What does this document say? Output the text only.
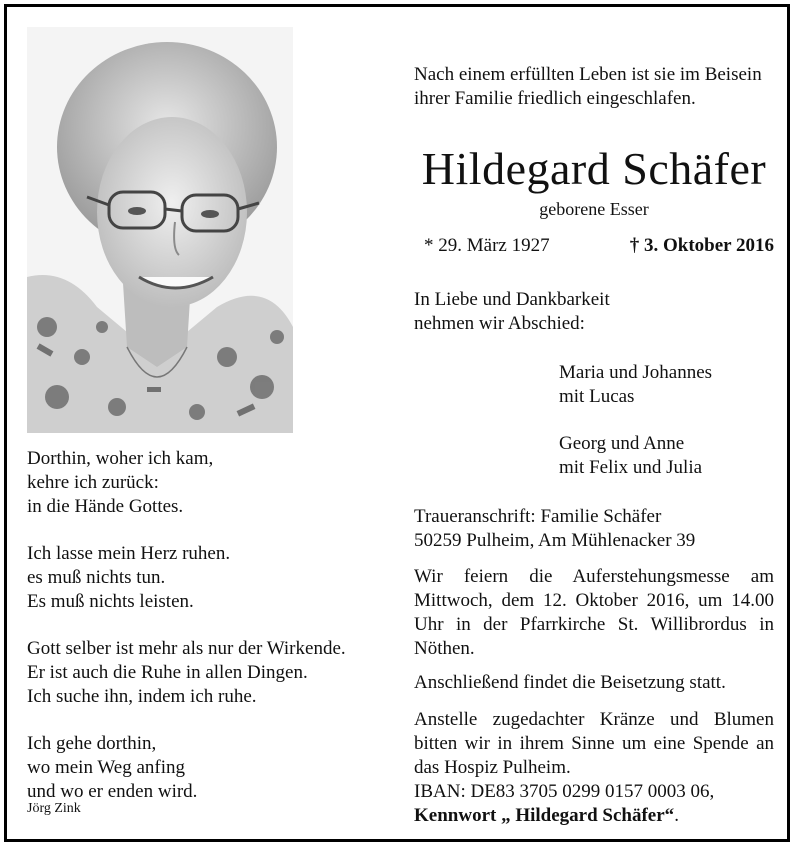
Dorthin, woher ich kam,
kehre ich zurück:
in die Hände Gottes.
Ich lasse mein Herz ruhen.
es muß nichts tun.
Es muß nichts leisten.
Gott selber ist mehr als nur der Wirkende.
Er ist auch die Ruhe in allen Dingen.
Ich suche ihn, indem ich ruhe.
Ich gehe dorthin,
wo mein Weg anfing
und wo er enden wird.
Jörg Zink
Nach einem erfüllten Leben ist sie im Beisein
ihrer Familie friedlich eingeschlafen.
Hildegard Schäfer
geborene Esser
* 29. März 1927	† 3. Oktober 2016
In Liebe und Dankbarkeit
nehmen wir Abschied:
Maria und Johannes
mit Lucas
Georg und Anne
mit Felix und Julia
Traueranschrift: Familie Schäfer
50259 Pulheim, Am Mühlenacker 39
Wir feiern die Auferstehungsmesse am Mittwoch, dem 12. Oktober 2016, um 14.00 Uhr in der Pfarrkirche St. Willibrordus in Nöthen.
Anschließend findet die Beisetzung statt.
Anstelle zugedachter Kränze und Blumen bitten wir in ihrem Sinne um eine Spende an das Hospiz Pulheim.
IBAN: DE83 3705 0299 0157 0003 06,
Kennwort „ Hildegard Schäfer“.
